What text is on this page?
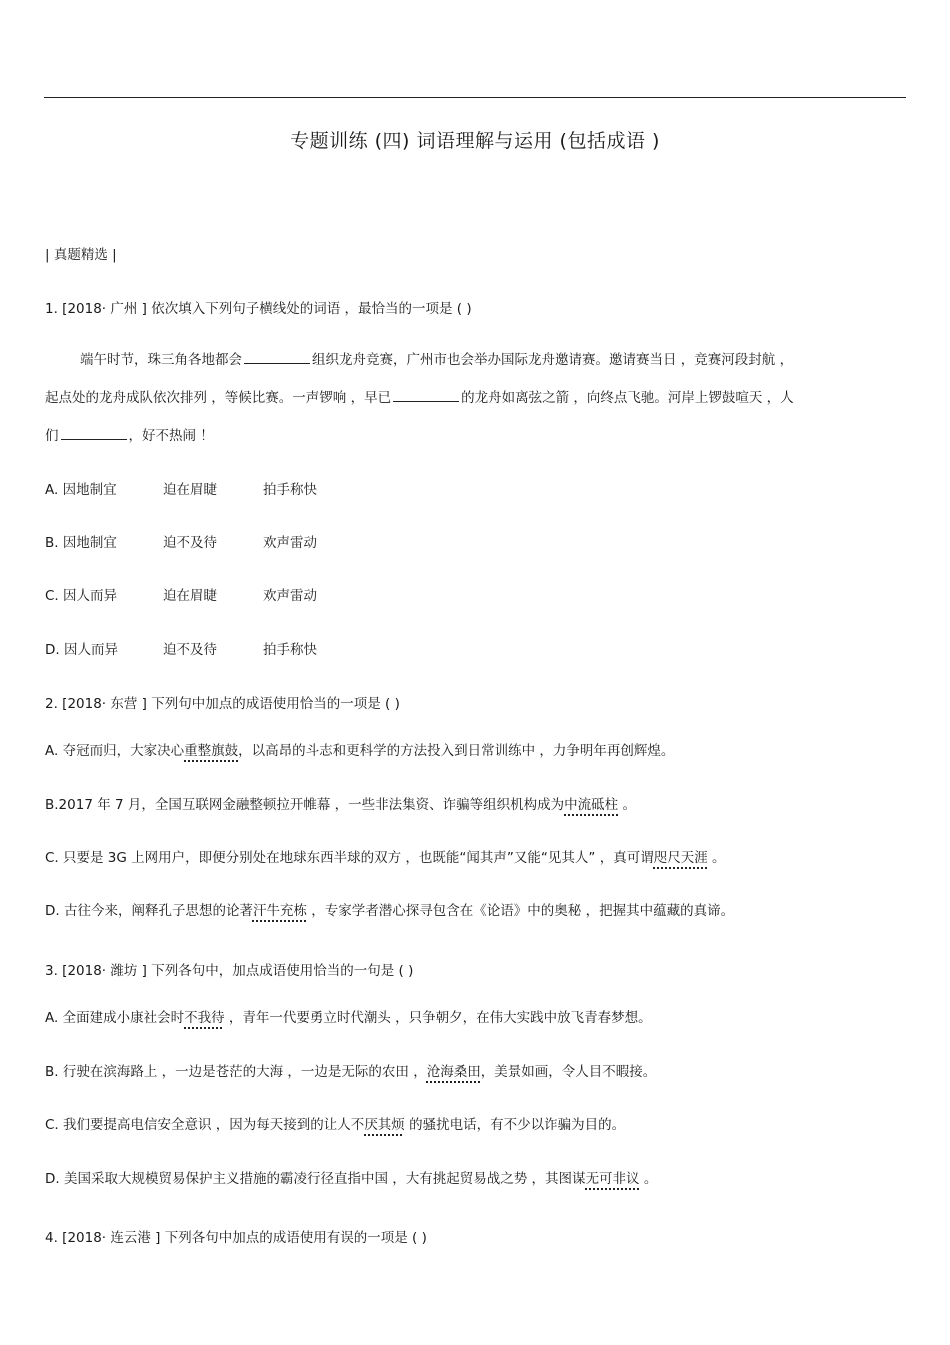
专题训练 (四) 词语理解与运用 (包括成语 )
| 真题精选 |
1. [2018· 广州 ] 依次填入下列句子横线处的词语 ，最恰当的一项是 ( )
端午时节，珠三角各地都会	组织龙舟竞赛，广州市也会举办国际龙舟邀请赛。邀请赛当日 ，竞赛河段封航 ，
起点处的龙舟成队依次排列 ，等候比赛。一声锣响 ，早已	的龙舟如离弦之箭 ，向终点飞驰。河岸上锣鼓喧天 ，人
们	，好不热闹 ！
A. 因地制宜	迫在眉睫	拍手称快
B. 因地制宜	迫不及待	欢声雷动
C. 因人而异	迫在眉睫	欢声雷动
D. 因人而异	迫不及待	拍手称快
2. [2018· 东营 ] 下列句中加点的成语使用恰当的一项是 ( )
A. 夺冠而归，大家决心重整旗鼓，以高昂的斗志和更科学的方法投入到日常训练中 ，力争明年再创辉煌。
B.2017 年 7 月，全国互联网金融整顿拉开帷幕 ，一些非法集资、诈骗等组织机构成为中流砥柱 。
C. 只要是 3G 上网用户，即便分别处在地球东西半球的双方 ，也既能“闻其声”又能“见其人” ，真可谓咫尺天涯 。
D. 古往今来，阐释孔子思想的论著汗牛充栋 ，专家学者潜心探寻包含在《论语》中的奥秘 ，把握其中蕴藏的真谛。
3. [2018· 潍坊 ] 下列各句中，加点成语使用恰当的一句是 ( )
A. 全面建成小康社会时不我待 ，青年一代要勇立时代潮头 ，只争朝夕，在伟大实践中放飞青春梦想。
B. 行驶在滨海路上 ，一边是苍茫的大海 ，一边是无际的农田 ，沧海桑田，美景如画，令人目不暇接。
C. 我们要提高电信安全意识 ，因为每天接到的让人不厌其烦 的骚扰电话，有不少以诈骗为目的。
D. 美国采取大规模贸易保护主义措施的霸凌行径直指中国 ，大有挑起贸易战之势 ，其图谋无可非议 。
4. [2018· 连云港 ] 下列各句中加点的成语使用有误的一项是 ( )
